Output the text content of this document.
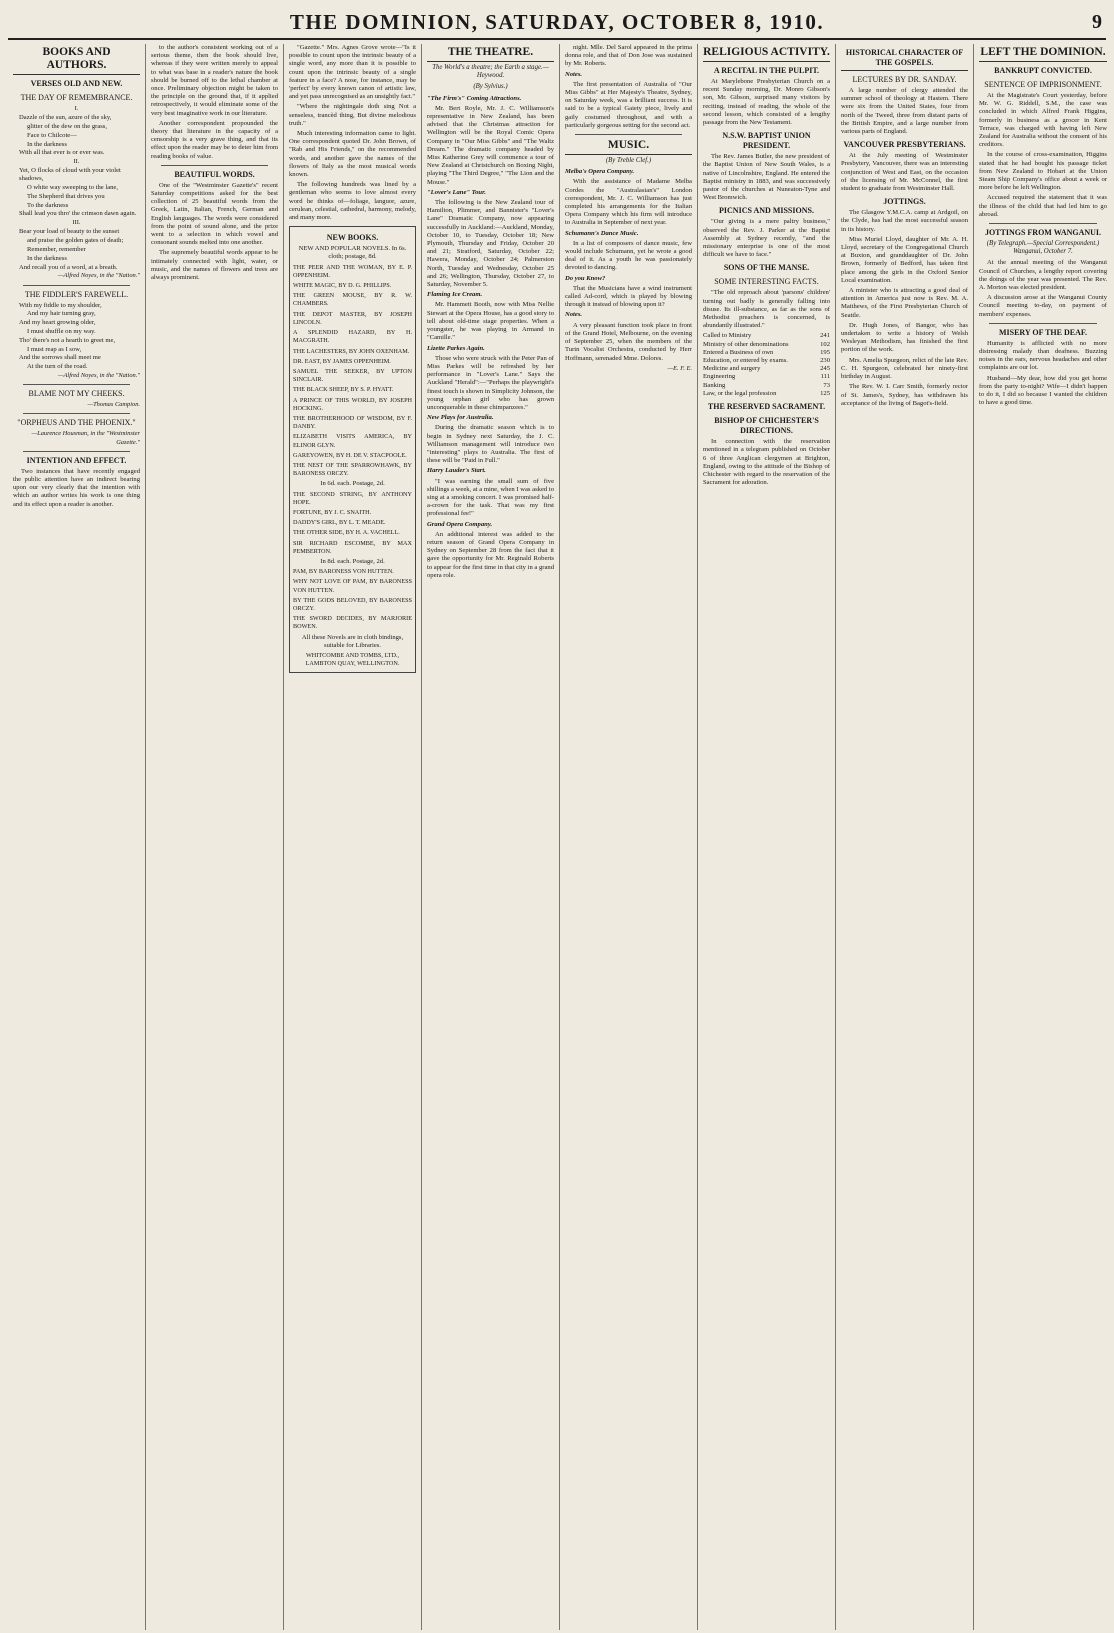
THE DOMINION, SATURDAY, OCTOBER 8, 1910.	9
BOOKS AND AUTHORS.
VERSES OLD AND NEW.
THE DAY OF REMEMBRANCE.
I.
Dazzle of the sun, azure of the sky,
glitter of the dew on the grass,
Face to Chilcote—
In the darkness
With all that ever is or ever was.
II.
Yet, O flocks of cloud with your violet shadows,
O white way sweeping to the lane,
The Shepherd that drives you
To the darkness
Shall lead you thro' the crimson dawn again.
III.
Bear your load of beauty to the sunset
and praise the golden gates of death;
Remember, remember
In the darkness
And recall you of a word, at a breath.
—Alfred Noyes, in the "Nation."
THE FIDDLER'S FAREWELL.
With my fiddle to my shoulder,
And my hair turning gray,
And my heart growing older,
I must shuffle on my way.
Tho' there's not a hearth to greet me,
I must reap as I sow,
And the sorrows shall meet me
At the turn of the road.
—Alfred Noyes, in the "Nation."
BLAME NOT MY CHEEKS.
—Thomas Campion.
"ORPHEUS AND THE PHOENIX."
—Laurence Housman, in the "Westminster Gazette."
INTENTION AND EFFECT.

Two instances that have recently engaged the public attention have an indirect bearing upon our very clearly that the intention with which an author writes his work is one thing and its effect upon a reader is another.

to the author's consistent working out of a serious theme, then the book should live, whereas if they were written merely to appeal to what was base in a reader's nature the book should be burned off to the lethal chamber at once. Preliminary objection might be taken to the principle on the ground that, if it applied retrospectively, it would eliminate some of the very best imaginative work in our literature.

Another correspondent propounded the theory that literature in the capacity of a censorship is a very grave thing, and that its effect upon the reader may be to deter him from reading books of value.

BEAUTIFUL WORDS.

One of the "Westminster Gazette's" recent Saturday competitions asked for the best collection of 25 beautiful words from the Greek, Latin, Italian, French, German and English languages. The words were considered from the point of sound alone, and the prize went to a selection in which vowel and consonant sounds melted into one another.

The supremely beautiful words appear to be intimately connected with light, water, or music, and the names of flowers and trees are always prominent.

"Gazette." Mrs. Agnes Grove wrote—"Is it possible to count upon the intrinsic beauty of a single word, any more than it is possible to count upon the intrinsic beauty of a single feature in a face? A nose, for instance, may be 'perfect' by every known canon of artistic law, and yet pass unrecognised as an unsightly fact."

"Where the nightingale doth sing Not a senseless, trancèd thing, But divine melodious truth."

Much interesting information came to light. One correspondent quoted Dr. John Brown, of "Rab and His Friends," on the recommended words, and another gave the names of the flowers of Italy as the most musical words known.

The following hundreds was lined by a gentleman who seems to love almost every word he thinks of—foliage, languor, azure, cerulean, celestial, cathedral, harmony, melody, and many more.

NEW BOOKS.

NEW AND POPULAR NOVELS. In 6s. cloth; postage, 8d.

THE PEER AND THE WOMAN, BY E. P. OPPENHEIM.

WHITE MAGIC, BY D. G. PHILLIPS.

THE GREEN MOUSE, BY R. W. CHAMBERS.

THE DEPOT MASTER, BY JOSEPH LINCOLN.

A SPLENDID HAZARD, BY H. MACGRATH.

THE LACHESTERS, BY JOHN OXENHAM.

DR. EAST, BY JAMES OPPENHEIM.

SAMUEL THE SEEKER, BY UPTON SINCLAIR.

THE BLACK SHEEP, BY S. P. HYATT.

A PRINCE OF THIS WORLD, BY JOSEPH HOCKING.

THE BROTHERHOOD OF WISDOM, BY F. DANBY.

ELIZABETH VISITS AMERICA, BY ELINOR GLYN.

GAREYOWEN, BY H. DE V. STACPOOLE.

THE NEST OF THE SPARROWHAWK, BY BARONESS ORCZY.

In 6d. each. Postage, 2d.

THE SECOND STRING, BY ANTHONY HOPE.

FORTUNE, BY J. C. SNAITH.

DADDY'S GIRL, BY L. T. MEADE.

THE OTHER SIDE, BY H. A. VACHELL.

SIR RICHARD ESCOMBE, BY MAX PEMBERTON.

In 8d. each. Postage, 2d.

PAM, BY BARONESS VON HUTTEN.

WHY NOT LOVE OF PAM, BY BARONESS VON HUTTEN.

BY THE GODS BELOVED, BY BARONESS ORCZY.

THE SWORD DECIDES, BY MARJORIE BOWEN.

All these Novels are in cloth bindings, suitable for Libraries.

WHITCOMBE AND TOMBS, LTD., LAMBTON QUAY, WELLINGTON.

THE THEATRE.
The World's a theatre; the Earth a stage.—Heywood.
(By Sylvius.)

"The Firm's" Coming Attractions.

Mr. Bert Royle, Mr. J. C. Williamson's representative in New Zealand, has been advised that the Christmas attraction for Wellington will be the Royal Comic Opera Company in "Our Miss Gibbs" and "The Waltz Dream." The dramatic company headed by Miss Katherine Grey will commence a tour of New Zealand at Christchurch on Boxing Night, playing "The Third Degree," "The Lion and the Mouse."

"Lover's Lane" Tour.

The following is the New Zealand tour of Hamilton, Plimmer, and Bannister's "Lover's Lane" Dramatic Company, now appearing successfully in Auckland:—Auckland, Monday, October 10, to Tuesday, October 18; New Plymouth, Thursday and Friday, October 20 and 21; Stratford, Saturday, October 22; Hawera, Monday, October 24; Palmerston North, Tuesday and Wednesday, October 25 and 26; Wellington, Thursday, October 27, to Saturday, November 5.

Flaming Ice Cream.

Mr. Hammett Booth, now with Miss Nellie Stewart at the Opera House, has a good story to tell about old-time stage properties. When a youngster, he was playing in Armand in "Camille."

Lizette Parkes Again.

Those who were struck with the Peter Pan of Miss Parkes will be refreshed by her performance in "Lover's Lane." Says the Auckland "Herald":—"Perhaps the playwright's finest touch is shown in Simplicity Johnson, the young orphan girl who has grown unconquerable in these chimpanzees."

New Plays for Australia.

During the dramatic season which is to begin in Sydney next Saturday, the J. C. Williamson management will introduce two "interesting" plays to Australia. The first of these will be "Paid in Full."

Harry Lauder's Start.

"I was earning the small sum of five shillings a week, at a mine, when I was asked to sing at a smoking concert. I was promised half-a-crown for the task. That was my first professional fee!"

Grand Opera Company.

An additional interest was added to the return season of Grand Opera Company in Sydney on September 28 from the fact that it gave the opportunity for Mr. Reginald Roberts to appear for the first time in that city in a grand opera role.

night. Mlle. Del Sarol appeared in the prima donna role, and that of Don Jose was sustained by Mr. Roberts.

Notes.

The first presentation of Australia of "Our Miss Gibbs" at Her Majesty's Theatre, Sydney, on Saturday week, was a brilliant success. It is said to be a typical Gaiety piece, lively and gaily costumed throughout, and with a particularly gorgeous setting for the second act.

MUSIC.
(By Treble Clef.)

Melba's Opera Company.

With the assistance of Madame Melba Cordes the "Australasian's" London correspondent, Mr. J. C. Williamson has just completed his arrangements for the Italian Opera Company which his firm will introduce to Australia in September of next year.

Schumann's Dance Music.

In a list of composers of dance music, few would include Schumann, yet he wrote a good deal of it. As a youth he was passionately devoted to dancing.

Do you Know?

That the Musicians have a wind instrument called Ad-cord, which is played by blowing through it instead of blowing upon it?

Notes.

A very pleasant function took place in front of the Grand Hotel, Melbourne, on the evening of September 25, when the members of the Turin Vocalist Orchestra, conducted by Herr Hoffmann, serenaded Mme. Dolores.

—E. F. E.
RELIGIOUS ACTIVITY.
A RECITAL IN THE PULPIT.

At Marylebone Presbyterian Church on a recent Sunday morning, Dr. Monro Gibson's son, Mr. Gibson, surprised many visitors by reciting, instead of reading, the whole of the second lesson, which consisted of a lengthy passage from the New Testament.

N.S.W. BAPTIST UNION PRESIDENT.

The Rev. James Butler, the new president of the Baptist Union of New South Wales, is a native of Lincolnshire, England. He entered the Baptist ministry in 1883, and was successively pastor of the churches at Nuneaton-Tyne and West Bromwich.

PICNICS AND MISSIONS.

"Our giving is a mere paltry business," observed the Rev. J. Parker at the Baptist Assembly at Sydney recently, "and the missionary enterprise is one of the most difficult we have to face."

SONS OF THE MANSE.
SOME INTERESTING FACTS.

"The old reproach about 'parsons' children' turning out badly is generally falling into disuse. Its ill-substance, as far as the sons of Methodist preachers is concerned, is abundantly illustrated."

Called to Ministry	241
Ministry of other denominations	102
Entered a Business of own	195
Education, or entered by exams.	230
Medicine and surgery	245
Engineering	111
Banking	73
Law, or the legal profession	125
THE RESERVED SACRAMENT.
BISHOP OF CHICHESTER'S DIRECTIONS.

In connection with the reservation mentioned in a telegram published on October 6 of three Anglican clergymen at Brighton, England, owing to the attitude of the Bishop of Chichester with regard to the reservation of the Sacrament for adoration.

HISTORICAL CHARACTER OF THE GOSPELS.
LECTURES BY DR. SANDAY.

A large number of clergy attended the summer school of theology at Hastem. There were six from the United States, four from north of the Tweed, three from distant parts of the British Empire, and a large number from various parts of England.

VANCOUVER PRESBYTERIANS.

At the July meeting of Westminster Presbytery, Vancouver, there was an interesting conjunction of West and East, on the occasion of the licensing of Mr. McConnel, the first student to graduate from Westminster Hall.

JOTTINGS.

The Glasgow Y.M.C.A. camp at Ardgoil, on the Clyde, has had the most successful season in its history.

Miss Muriel Lloyd, daughter of Mr. A. H. Lloyd, secretary of the Congregational Church at Buxton, and granddaughter of Dr. John Brown, formerly of Bedford, has taken first place among the girls in the Oxford Senior Local examination.

A minister who is attracting a good deal of attention in America just now is Rev. M. A. Matthews, of the First Presbyterian Church of Seattle.

Dr. Hugh Jones, of Bangor, who has undertaken to write a history of Welsh Wesleyan Methodism, has finished the first portion of the work.

Mrs. Amelia Spurgeon, relict of the late Rev. C. H. Spurgeon, celebrated her ninety-first birthday in August.

The Rev. W. I. Carr Smith, formerly rector of St. James's, Sydney, has withdrawn his acceptance of the living of Bagot's-field.

LEFT THE DOMINION.
BANKRUPT CONVICTED.
SENTENCE OF IMPRISONMENT.

At the Magistrate's Court yesterday, before Mr. W. G. Riddell, S.M., the case was concluded in which Alfred Frank Higgins, formerly in business as a grocer in Kent Terrace, was charged with having left New Zealand for Australia without the consent of his creditors.

In the course of cross-examination, Higgins stated that he had bought his passage ticket from New Zealand to Hobart at the Union Steam Ship Company's office about a week or more before he left Wellington.

Accused required the statement that it was the illness of the child that had led him to go abroad.

JOTTINGS FROM WANGANUI.
(By Telegraph.—Special Correspondent.) Wanganui, October 7.

At the annual meeting of the Wanganui Council of Churches, a lengthy report covering the doings of the year was presented. The Rev. A. Morton was elected president.

A discussion arose at the Wanganui County Council meeting to-day, on payment of members' expenses.

MISERY OF THE DEAF.

Humanity is afflicted with no more distressing malady than deafness. Buzzing noises in the ears, nervous headaches and other complaints are our lot.

Husband—My dear, how did you get home from the party to-night? Wife—I didn't happen to do it, I did so because I wanted the children to have a good time.
